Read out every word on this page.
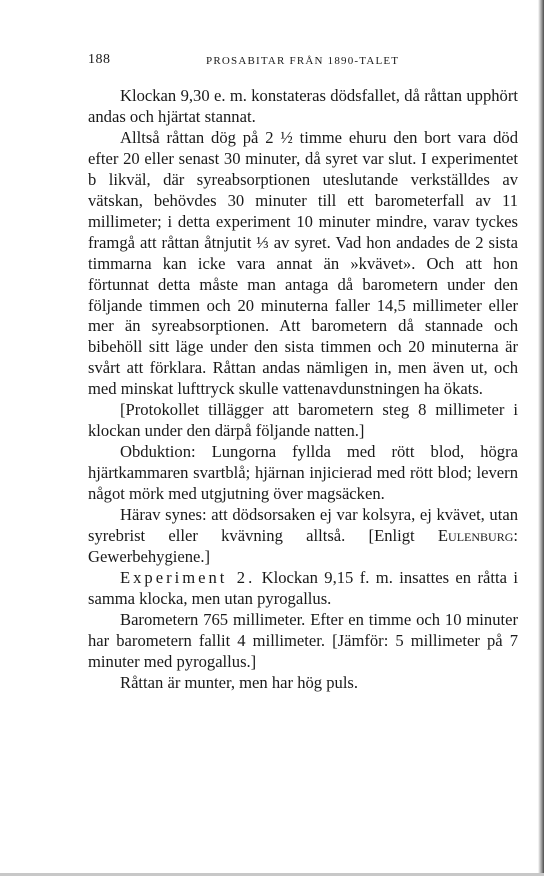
188	PROSABITAR FRÅN 1890-TALET

Klockan 9,30 e. m. konstateras dödsfallet, då råttan upphört andas och hjärtat stannat.

Alltså råttan dög på 2 ½ timme ehuru den bort vara död efter 20 eller senast 30 minuter, då syret var slut. I experimentet b likväl, där syreabsorptionen uteslutande verkställdes av vätskan, behövdes 30 minuter till ett barometerfall av 11 millimeter; i detta experiment 10 minuter mindre, varav tyckes framgå att råttan åtnjutit ⅓ av syret. Vad hon andades de 2 sista timmarna kan icke vara annat än »kvävet». Och att hon förtunnat detta måste man antaga då barometern under den följande timmen och 20 minuterna faller 14,5 millimeter eller mer än syreabsorptionen. Att barometern då stannade och bibehöll sitt läge under den sista timmen och 20 minuterna är svårt att förklara. Råttan andas nämligen in, men även ut, och med minskat lufttryck skulle vattenavdunstningen ha ökats.

[Protokollet tillägger att barometern steg 8 millimeter i klockan under den därpå följande natten.]

Obduktion: Lungorna fyllda med rött blod, högra hjärtkammaren svartblå; hjärnan injicierad med rött blod; levern något mörk med utgjutning över magsäcken.

Härav synes: att dödsorsaken ej var kolsyra, ej kvävet, utan syrebrist eller kvävning alltså. [Enligt Eulenburg: Gewerbehygiene.]

Experiment 2. Klockan 9,15 f. m. insattes en råtta i samma klocka, men utan pyrogallus.

Barometern 765 millimeter. Efter en timme och 10 minuter har barometern fallit 4 millimeter. [Jämför: 5 millimeter på 7 minuter med pyrogallus.]

Råttan är munter, men har hög puls.
